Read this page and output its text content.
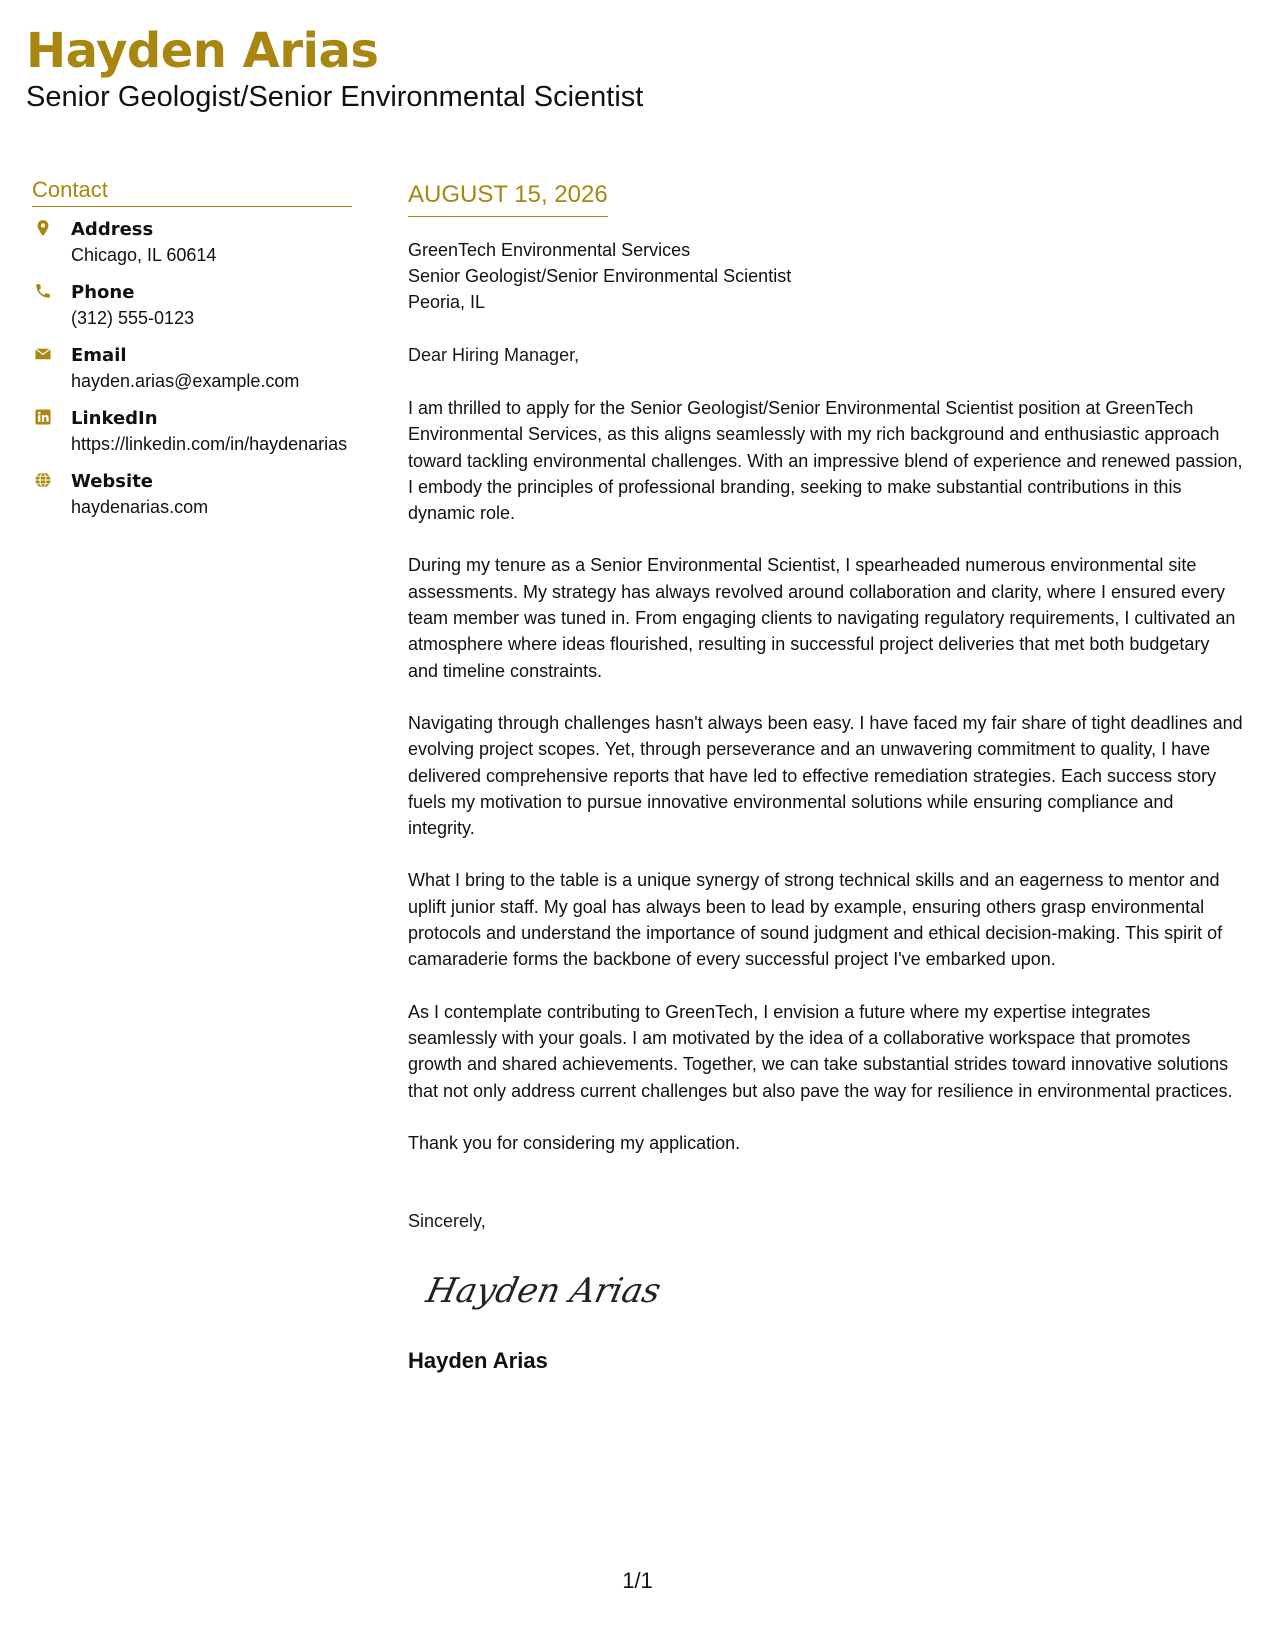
Hayden Arias
Senior Geologist/Senior Environmental Scientist
Contact
Address
Chicago, IL 60614
Phone
(312) 555-0123
Email
hayden.arias@example.com
LinkedIn
https://linkedin.com/in/haydenarias
Website
haydenarias.com
AUGUST 15, 2026
GreenTech Environmental Services
Senior Geologist/Senior Environmental Scientist
Peoria, IL
Dear Hiring Manager,

I am thrilled to apply for the Senior Geologist/Senior Environmental Scientist position at GreenTech Environmental Services, as this aligns seamlessly with my rich background and enthusiastic approach toward tackling environmental challenges. With an impressive blend of experience and renewed passion, I embody the principles of professional branding, seeking to make substantial contributions in this dynamic role.

During my tenure as a Senior Environmental Scientist, I spearheaded numerous environmental site assessments. My strategy has always revolved around collaboration and clarity, where I ensured every team member was tuned in. From engaging clients to navigating regulatory requirements, I cultivated an atmosphere where ideas flourished, resulting in successful project deliveries that met both budgetary and timeline constraints.

Navigating through challenges hasn't always been easy. I have faced my fair share of tight deadlines and evolving project scopes. Yet, through perseverance and an unwavering commitment to quality, I have delivered comprehensive reports that have led to effective remediation strategies. Each success story fuels my motivation to pursue innovative environmental solutions while ensuring compliance and integrity.

What I bring to the table is a unique synergy of strong technical skills and an eagerness to mentor and uplift junior staff. My goal has always been to lead by example, ensuring others grasp environmental protocols and understand the importance of sound judgment and ethical decision-making. This spirit of camaraderie forms the backbone of every successful project I've embarked upon.

As I contemplate contributing to GreenTech, I envision a future where my expertise integrates seamlessly with your goals. I am motivated by the idea of a collaborative workspace that promotes growth and shared achievements. Together, we can take substantial strides toward innovative solutions that not only address current challenges but also pave the way for resilience in environmental practices.

Thank you for considering my application.

Sincerely,
Hayden Arias
Hayden Arias
1/1
